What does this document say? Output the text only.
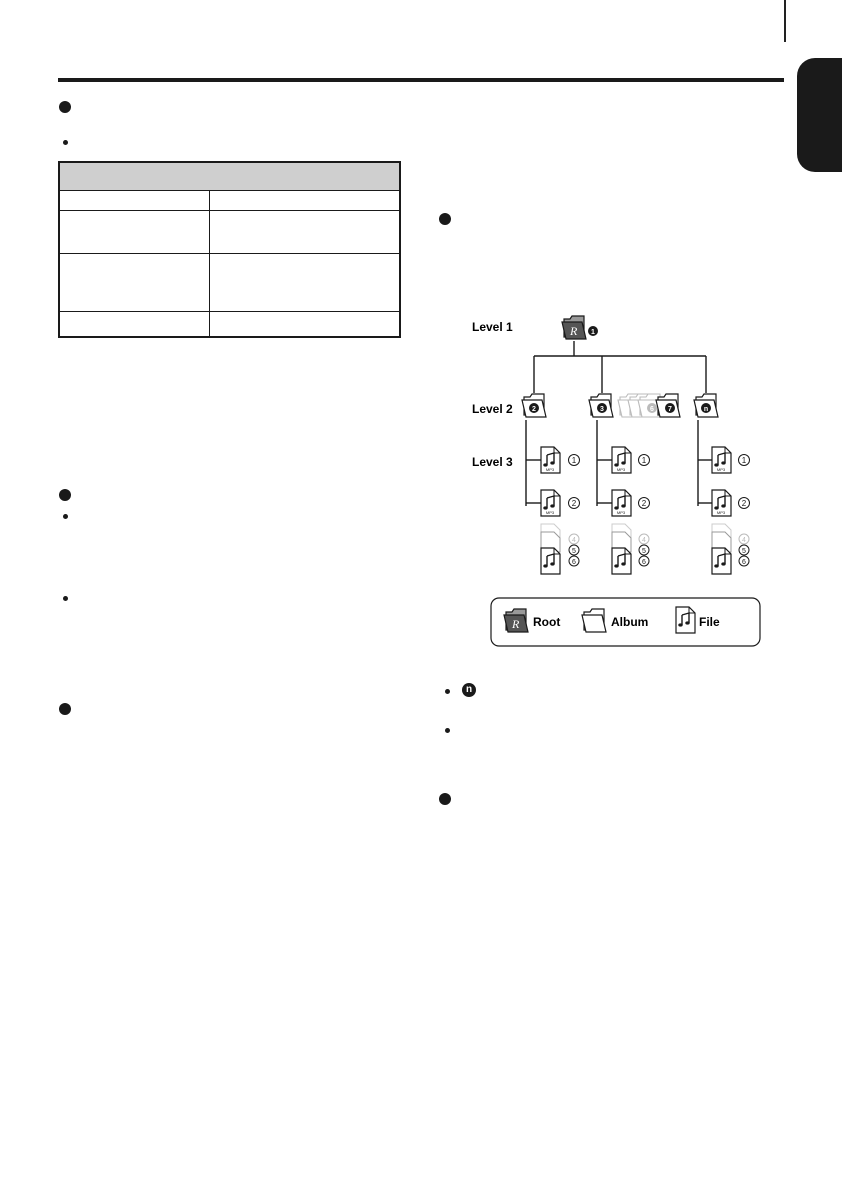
R
Level 1
Level 2
Level 3
1
2	3	6 7	n
MP3
1
MP3
2
4
5
6
MP3
1
MP3
2
4
5
6
MP3
1
MP3
2
4
5
6
Root	Album	File
n
